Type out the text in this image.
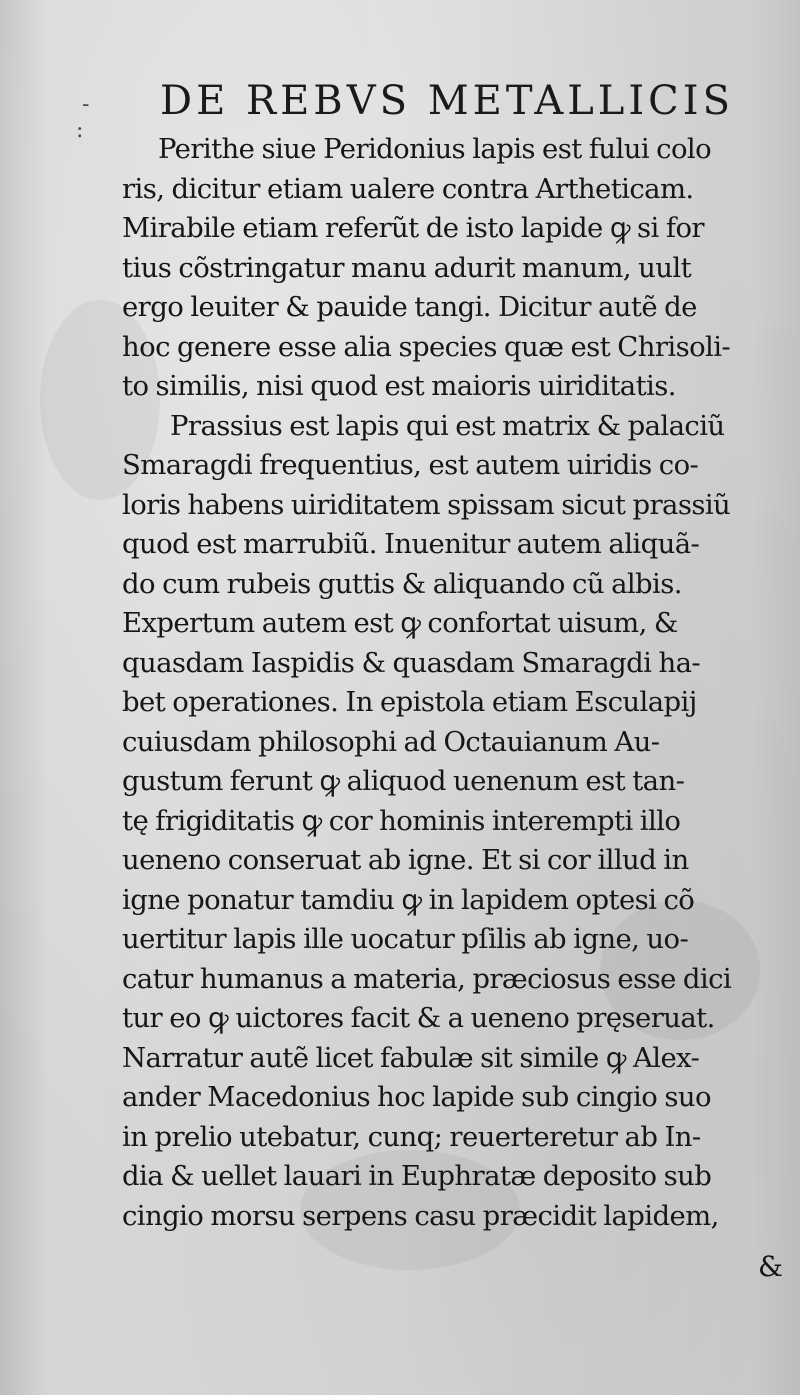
-
:
DE REBVS METALLICIS
Perithe siue Peridonius lapis est fului colo
ris, dicitur etiam ualere contra Artheticam.
Mirabile etiam referũt de isto lapide ꝙ si for
tius cõstringatur manu adurit manum, uult
ergo leuiter & pauide tangi. Dicitur autẽ de
hoc genere esse alia species quæ est Chrisoli-
to similis, nisi quod est maioris uiriditatis.
Prassius est lapis qui est matrix & palaciũ
Smaragdi frequentius, est autem uiridis co-
loris habens uiriditatem spissam sicut prassiũ
quod est marrubiũ. Inuenitur autem aliquã-
do cum rubeis guttis & aliquando cũ albis.
Expertum autem est ꝙ confortat uisum, &
quasdam Iaspidis & quasdam Smaragdi ha-
bet operationes. In epistola etiam Esculapij
cuiusdam philosophi ad Octauianum Au-
gustum ferunt ꝙ aliquod uenenum est tan-
tę frigiditatis ꝙ cor hominis interempti illo
ueneno conseruat ab igne. Et si cor illud in
igne ponatur tamdiu ꝙ in lapidem optesi cõ
uertitur lapis ille uocatur pſilis ab igne, uo-
catur humanus a materia, præciosus esse dici
tur eo ꝙ uictores facit & a ueneno pręseruat.
Narratur autẽ licet fabulæ sit simile ꝙ Alex-
ander Macedonius hoc lapide sub cingio suo
in prelio utebatur, cunq; reuerteretur ab In-
dia & uellet lauari in Euphratæ deposito sub
cingio morsu serpens casu præcidit lapidem,
&
